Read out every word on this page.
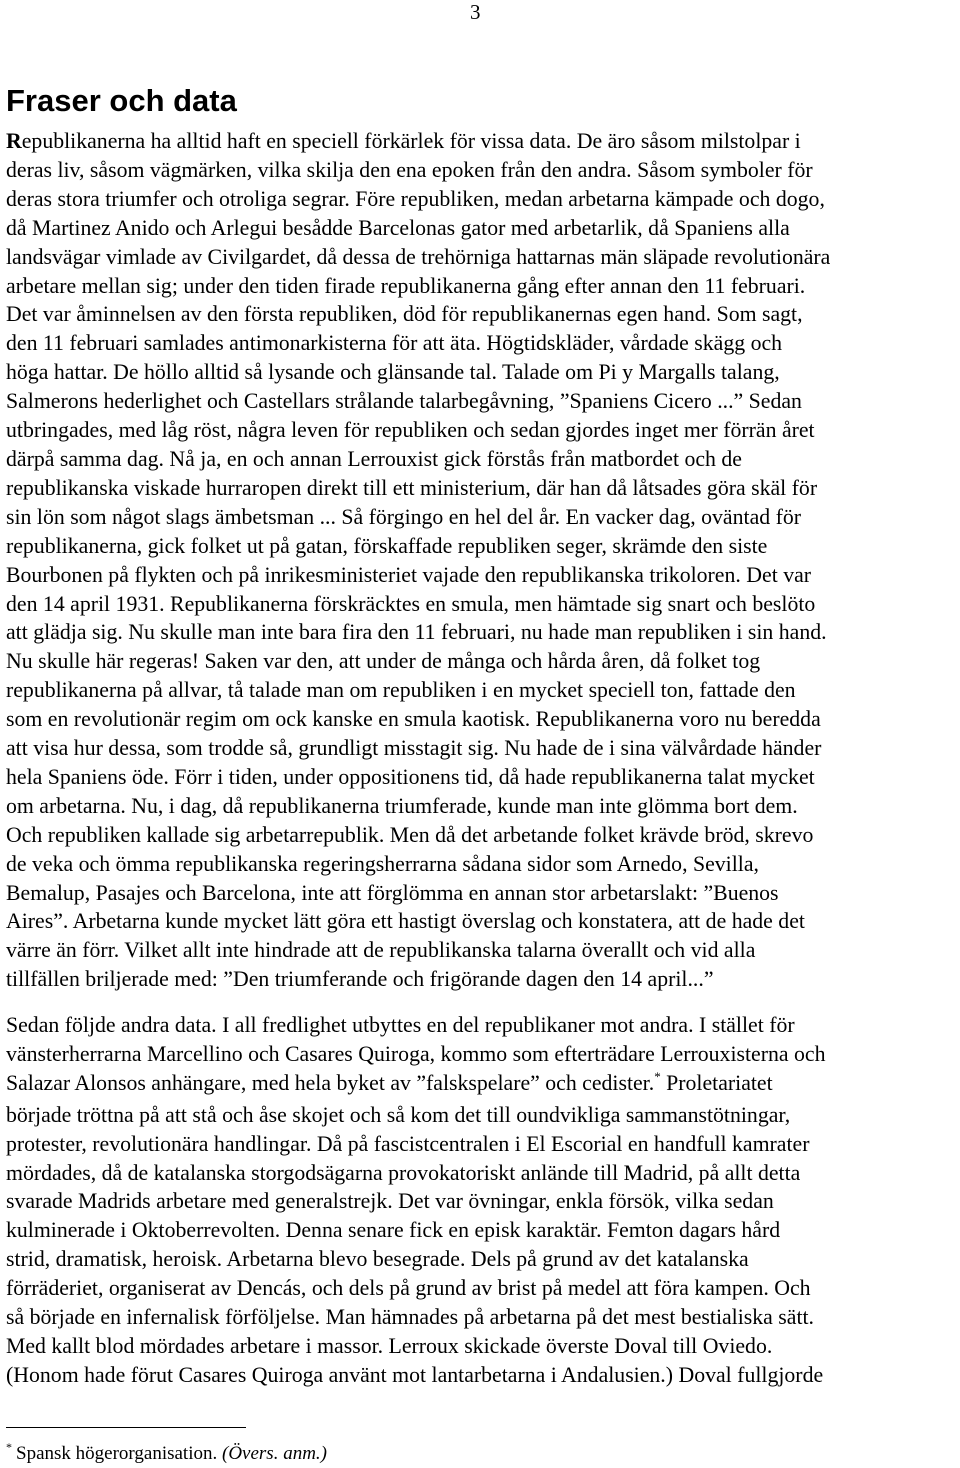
3
Fraser och data

Republikanerna ha alltid haft en speciell förkärlek för vissa data. De äro såsom milstolpar i
deras liv, såsom vägmärken, vilka skilja den ena epoken från den andra. Såsom symboler för
deras stora triumfer och otroliga segrar. Före republiken, medan arbetarna kämpade och dogo,
då Martinez Anido och Arlegui besådde Barcelonas gator med arbetarlik, då Spaniens alla
landsvägar vimlade av Civilgardet, då dessa de trehörniga hattarnas män släpade revolutionära
arbetare mellan sig; under den tiden firade republikanerna gång efter annan den 11 februari.
Det var åminnelsen av den första republiken, död för republikanernas egen hand. Som sagt,
den 11 februari samlades antimonarkisterna för att äta. Högtidskläder, vårdade skägg och
höga hattar. De höllo alltid så lysande och glänsande tal. Talade om Pi y Margalls talang,
Salmerons hederlighet och Castellars strålande talarbegåvning, ”Spaniens Cicero ...” Sedan
utbringades, med låg röst, några leven för republiken och sedan gjordes inget mer förrän året
därpå samma dag. Nå ja, en och annan Lerrouxist gick förstås från matbordet och de
republikanska viskade hurraropen direkt till ett ministerium, där han då låtsades göra skäl för
sin lön som något slags ämbetsman ... Så förgingo en hel del år. En vacker dag, oväntad för
republikanerna, gick folket ut på gatan, förskaffade republiken seger, skrämde den siste
Bourbonen på flykten och på inrikesministeriet vajade den republikanska trikoloren. Det var
den 14 april 1931. Republikanerna förskräcktes en smula, men hämtade sig snart och beslöto
att glädja sig. Nu skulle man inte bara fira den 11 februari, nu hade man republiken i sin hand.
Nu skulle här regeras! Saken var den, att under de många och hårda åren, då folket tog
republikanerna på allvar, tå talade man om republiken i en mycket speciell ton, fattade den
som en revolutionär regim om ock kanske en smula kaotisk. Republikanerna voro nu beredda
att visa hur dessa, som trodde så, grundligt misstagit sig. Nu hade de i sina välvårdade händer
hela Spaniens öde. Förr i tiden, under oppositionens tid, då hade republikanerna talat mycket
om arbetarna. Nu, i dag, då republikanerna triumferade, kunde man inte glömma bort dem.
Och republiken kallade sig arbetarrepublik. Men då det arbetande folket krävde bröd, skrevo
de veka och ömma republikanska regeringsherrarna sådana sidor som Arnedo, Sevilla,
Bemalup, Pasajes och Barcelona, inte att förglömma en annan stor arbetarslakt: ”Buenos
Aires”. Arbetarna kunde mycket lätt göra ett hastigt överslag och konstatera, att de hade det
värre än förr. Vilket allt inte hindrade att de republikanska talarna överallt och vid alla
tillfällen briljerade med: ”Den triumferande och frigörande dagen den 14 april...”

Sedan följde andra data. I all fredlighet utbyttes en del republikaner mot andra. I stället för
vänsterherrarna Marcellino och Casares Quiroga, kommo som efterträdare Lerrouxisterna och
Salazar Alonsos anhängare, med hela byket av ”falskspelare” och cedister.* Proletariatet
började tröttna på att stå och åse skojet och så kom det till oundvikliga sammanstötningar,
protester, revolutionära handlingar. Då på fascistcentralen i El Escorial en handfull kamrater
mördades, då de katalanska storgodsägarna provokatoriskt anlände till Madrid, på allt detta
svarade Madrids arbetare med generalstrejk. Det var övningar, enkla försök, vilka sedan
kulminerade i Oktoberrevolten. Denna senare fick en episk karaktär. Femton dagars hård
strid, dramatisk, heroisk. Arbetarna blevo besegrade. Dels på grund av det katalanska
förräderiet, organiserat av Dencás, och dels på grund av brist på medel att föra kampen. Och
så började en infernalisk förföljelse. Man hämnades på arbetarna på det mest bestialiska sätt.
Med kallt blod mördades arbetare i massor. Lerroux skickade överste Doval till Oviedo.
(Honom hade förut Casares Quiroga använt mot lantarbetarna i Andalusien.) Doval fullgjorde

* Spansk högerorganisation. (Övers. anm.)
